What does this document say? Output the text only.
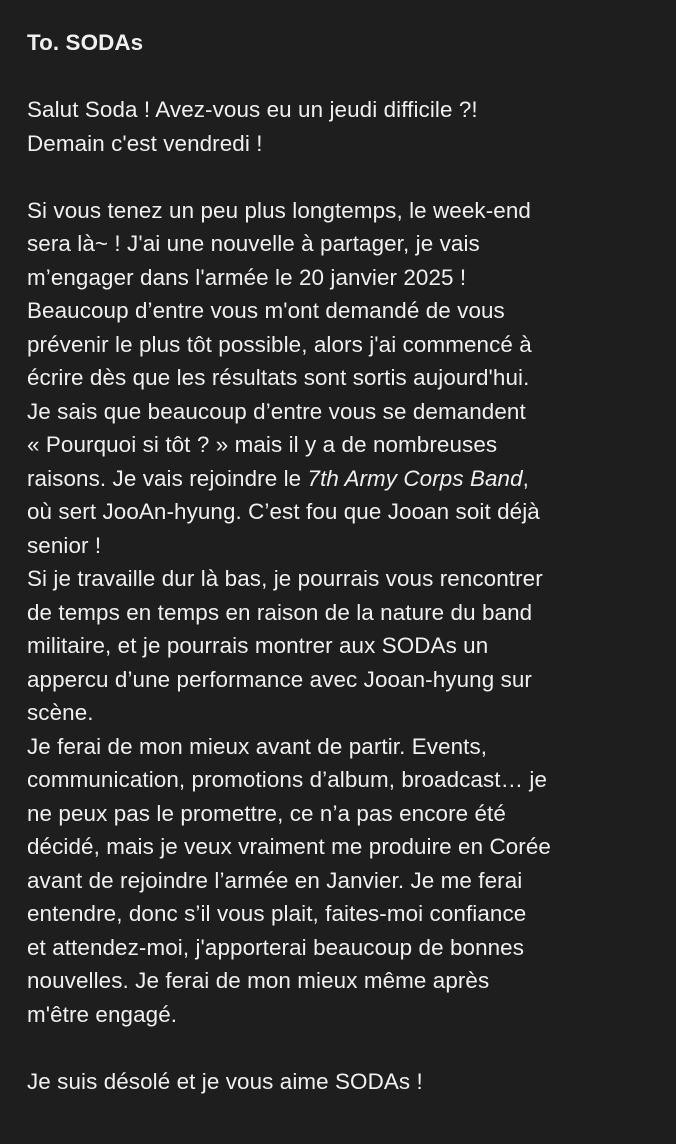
To. SODAs
Salut Soda ! Avez-vous eu un jeudi difficile ?!
Demain c'est vendredi !
Si vous tenez un peu plus longtemps, le week-end
sera là~ ! J'ai une nouvelle à partager, je vais
m’engager dans l'armée le 20 janvier 2025 !
Beaucoup d’entre vous m'ont demandé de vous
prévenir le plus tôt possible, alors j'ai commencé à
écrire dès que les résultats sont sortis aujourd'hui.
Je sais que beaucoup d’entre vous se demandent
« Pourquoi si tôt ? » mais il y a de nombreuses
raisons. Je vais rejoindre le 7th Army Corps Band,
où sert JooAn-hyung. C’est fou que Jooan soit déjà
senior !
Si je travaille dur là bas, je pourrais vous rencontrer
de temps en temps en raison de la nature du band
militaire, et je pourrais montrer aux SODAs un
appercu d’une performance avec Jooan-hyung sur
scène.
Je ferai de mon mieux avant de partir. Events,
communication, promotions d’album, broadcast… je
ne peux pas le promettre, ce n’a pas encore été
décidé, mais je veux vraiment me produire en Corée
avant de rejoindre l’armée en Janvier. Je me ferai
entendre, donc s’il vous plait, faites-moi confiance
et attendez-moi, j'apporterai beaucoup de bonnes
nouvelles. Je ferai de mon mieux même après
m'être engagé.
Je suis désolé et je vous aime SODAs !
